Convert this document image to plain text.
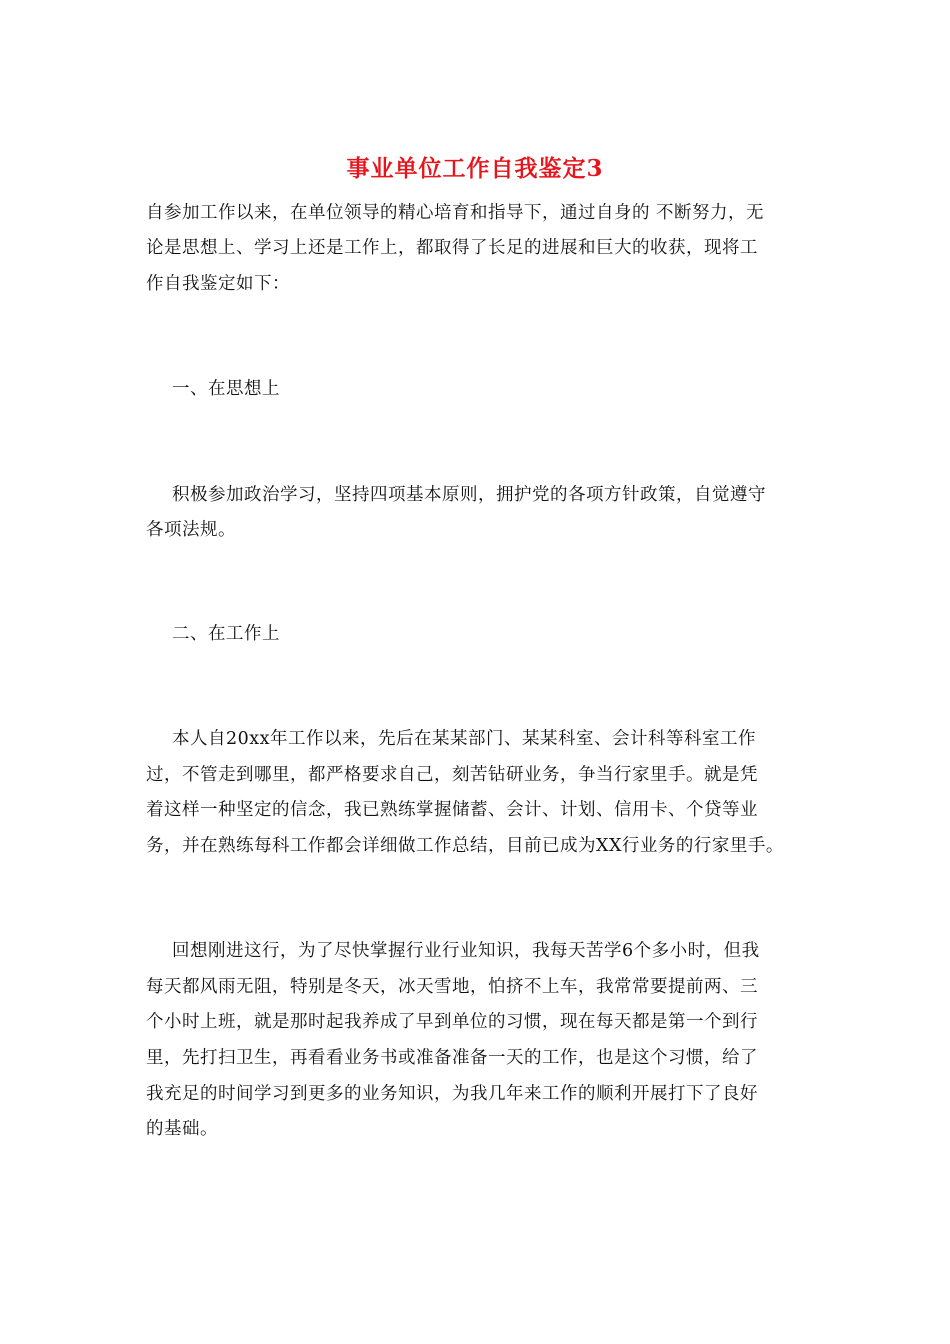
事业单位工作自我鉴定3
自参加工作以来，在单位领导的精心培育和指导下，通过自身的 不断努力，无
论是思想上、学习上还是工作上，都取得了长足的进展和巨大的收获，现将工
作自我鉴定如下：
一、在思想上
积极参加政治学习，坚持四项基本原则，拥护党的各项方针政策，自觉遵守
各项法规。
二、在工作上
本人自20xx年工作以来，先后在某某部门、某某科室、会计科等科室工作
过，不管走到哪里，都严格要求自己，刻苦钻研业务，争当行家里手。就是凭
着这样一种坚定的信念，我已熟练掌握储蓄、会计、计划、信用卡、个贷等业
务，并在熟练每科工作都会详细做工作总结，目前已成为XX行业务的行家里手。
回想刚进这行，为了尽快掌握行业行业知识，我每天苦学6个多小时，但我
每天都风雨无阻，特别是冬天，冰天雪地，怕挤不上车，我常常要提前两、三
个小时上班，就是那时起我养成了早到单位的习惯，现在每天都是第一个到行
里，先打扫卫生，再看看业务书或准备准备一天的工作，也是这个习惯，给了
我充足的时间学习到更多的业务知识，为我几年来工作的顺利开展打下了良好
的基础。
